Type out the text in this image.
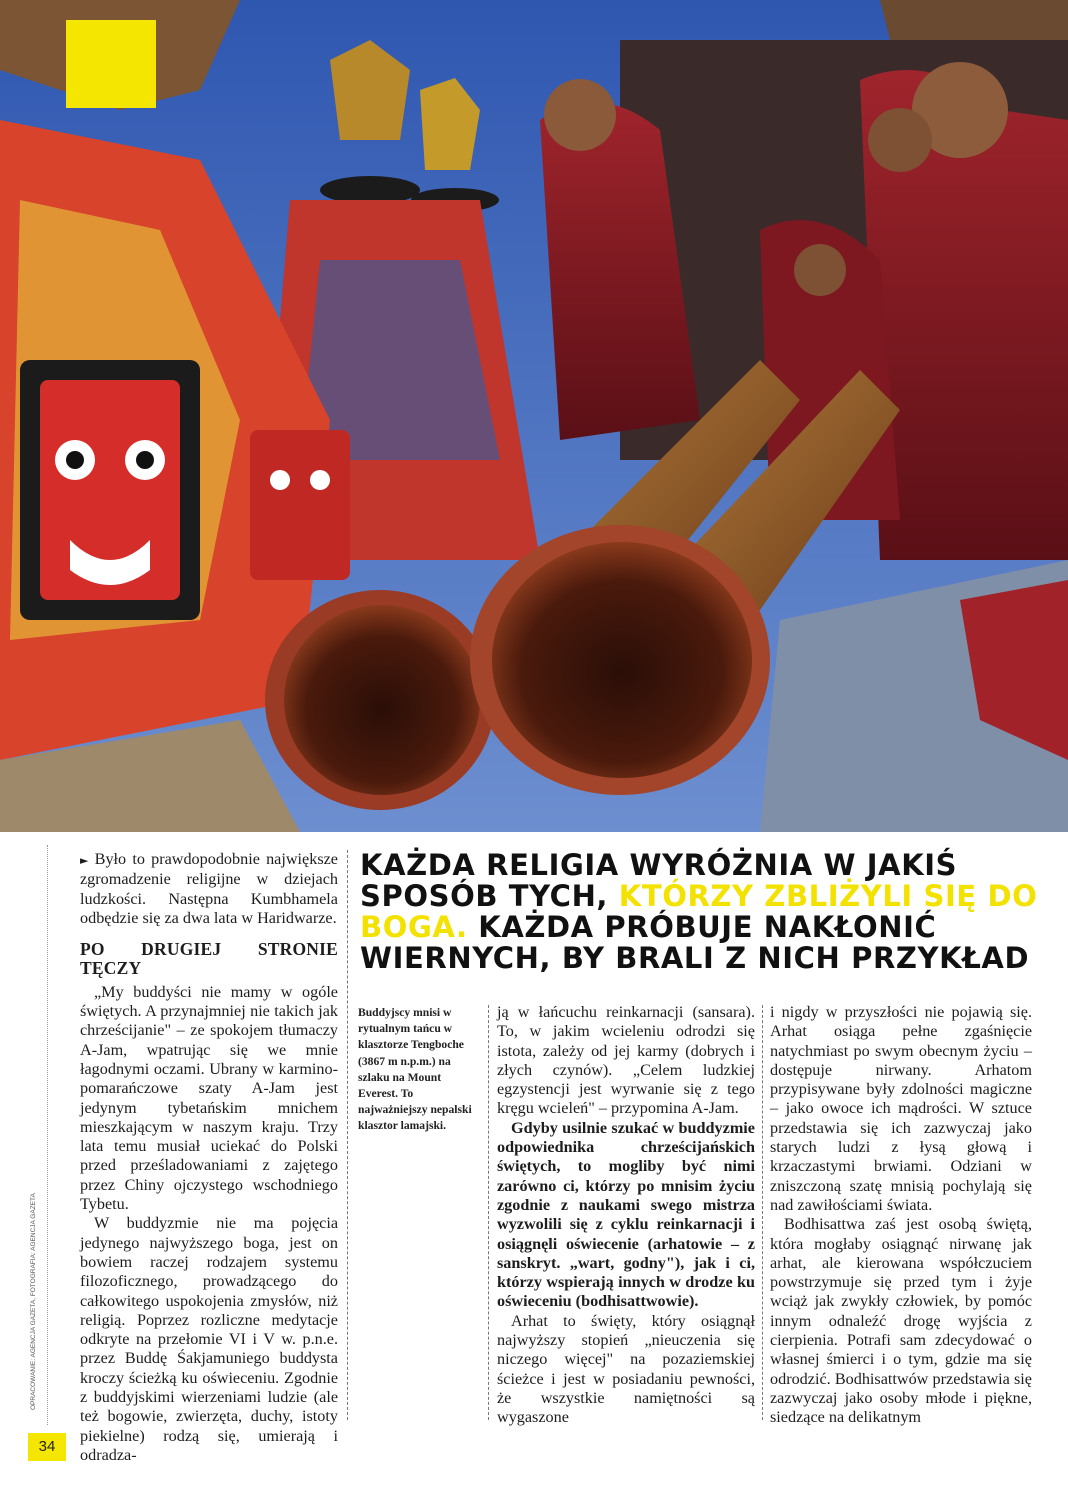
OPRACOWANIE: AGENCJA GAZETA, FOTOGRAFIA: AGENCJA GAZETA

► Było to prawdopodobnie największe zgromadzenie religijne w dziejach ludzkości. Następna Kumbhamela odbędzie się za dwa lata w Haridwarze.

PO DRUGIEJ STRONIE TĘCZY

„My buddyści nie mamy w ogóle świętych. A przynajmniej nie takich jak chrześcijanie" – ze spokojem tłumaczy A-Jam, wpatrując się we mnie łagodnymi oczami. Ubrany w karmino-pomarańczowe szaty A-Jam jest jedynym tybetańskim mnichem mieszkającym w naszym kraju. Trzy lata temu musiał uciekać do Polski przed prześladowaniami z zajętego przez Chiny ojczystego wschodniego Tybetu.

W buddyzmie nie ma pojęcia jedynego najwyższego boga, jest on bowiem raczej rodzajem systemu filozoficznego, prowadzącego do całkowitego uspokojenia zmysłów, niż religią. Poprzez rozliczne medytacje odkryte na przełomie VI i V w. p.n.e. przez Buddę Śakjamuniego buddysta kroczy ścieżką ku oświeceniu. Zgodnie z buddyjskimi wierzeniami ludzie (ale też bogowie, zwierzęta, duchy, istoty piekielne) rodzą się, umierają i odradza-

KAŻDA RELIGIA WYRÓŻNIA W JAKIŚ SPOSÓB TYCH, KTÓRZY ZBLIŻYLI SIĘ DO BOGA. KAŻDA PRÓBUJE NAKŁONIĆ WIERNYCH, BY BRALI Z NICH PRZYKŁAD
Buddyjscy mnisi w rytualnym tańcu w klasztorze Tengboche (3867 m n.p.m.) na szlaku na Mount Everest. To najważniejszy nepalski klasztor lamajski.

ją w łańcuchu reinkarnacji (sansara). To, w jakim wcieleniu odrodzi się istota, zależy od jej karmy (dobrych i złych czynów). „Celem ludzkiej egzystencji jest wyrwanie się z tego kręgu wcieleń" – przypomina A-Jam.

Gdyby usilnie szukać w buddyzmie odpowiednika chrześcijańskich świętych, to mogliby być nimi zarówno ci, którzy po mnisim życiu zgodnie z naukami swego mistrza wyzwolili się z cyklu reinkarnacji i osiągnęli oświecenie (arhatowie – z sanskryt. „wart, godny"), jak i ci, którzy wspierają innych w drodze ku oświeceniu (bodhisattwowie).

Arhat to święty, który osiągnął najwyższy stopień „nieuczenia się niczego więcej" na pozaziemskiej ścieżce i jest w posiadaniu pewności, że wszystkie namiętności są wygaszone

i nigdy w przyszłości nie pojawią się. Arhat osiąga pełne zgaśnięcie natychmiast po swym obecnym życiu – dostępuje nirwany. Arhatom przypisywane były zdolności magiczne – jako owoce ich mądrości. W sztuce przedstawia się ich zazwyczaj jako starych ludzi z łysą głową i krzaczastymi brwiami. Odziani w zniszczoną szatę mnisią pochylają się nad zawiłościami świata.

Bodhisattwa zaś jest osobą świętą, która mogłaby osiągnąć nirwanę jak arhat, ale kierowana współczuciem powstrzymuje się przed tym i żyje wciąż jak zwykły człowiek, by pomóc innym odnaleźć drogę wyjścia z cierpienia. Potrafi sam zdecydować o własnej śmierci i o tym, gdzie ma się odrodzić. Bodhisattwów przedstawia się zazwyczaj jako osoby młode i piękne, siedzące na delikatnym

34
